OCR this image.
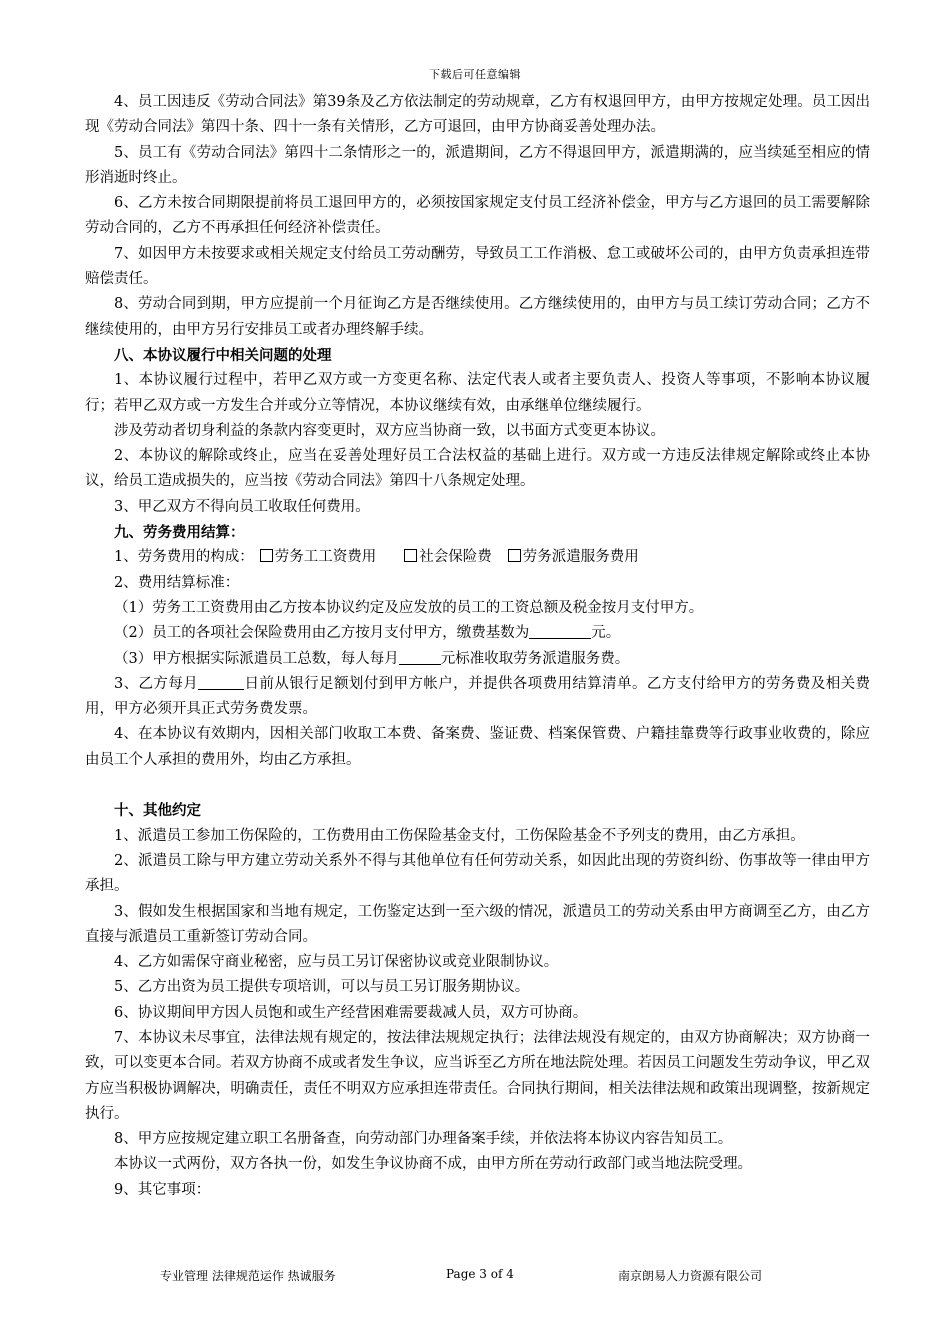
下载后可任意编辑

4、员工因违反《劳动合同法》第39条及乙方依法制定的劳动规章，乙方有权退回甲方，由甲方按规定处理。员工因出现《劳动合同法》第四十条、四十一条有关情形，乙方可退回，由甲方协商妥善处理办法。

5、员工有《劳动合同法》第四十二条情形之一的，派遣期间，乙方不得退回甲方，派遣期满的，应当续延至相应的情形消逝时终止。

6、乙方未按合同期限提前将员工退回甲方的，必须按国家规定支付员工经济补偿金，甲方与乙方退回的员工需要解除劳动合同的，乙方不再承担任何经济补偿责任。

7、如因甲方未按要求或相关规定支付给员工劳动酬劳，导致员工工作消极、怠工或破坏公司的，由甲方负责承担连带赔偿责任。

8、劳动合同到期，甲方应提前一个月征询乙方是否继续使用。乙方继续使用的，由甲方与员工续订劳动合同；乙方不继续使用的，由甲方另行安排员工或者办理终解手续。

八、本协议履行中相关问题的处理

1、本协议履行过程中，若甲乙双方或一方变更名称、法定代表人或者主要负责人、投资人等事项，不影响本协议履行；若甲乙双方或一方发生合并或分立等情况，本协议继续有效，由承继单位继续履行。

涉及劳动者切身利益的条款内容变更时，双方应当协商一致，以书面方式变更本协议。

2、本协议的解除或终止，应当在妥善处理好员工合法权益的基础上进行。双方或一方违反法律规定解除或终止本协议，给员工造成损失的，应当按《劳动合同法》第四十八条规定处理。

3、甲乙双方不得向员工收取任何费用。

九、劳务费用结算：

1、劳务费用的构成： 劳务工工资费用	社会保险费 劳务派遣服务费用

2、费用结算标准：

（1）劳务工工资费用由乙方按本协议约定及应发放的员工的工资总额及税金按月支付甲方。

（2）员工的各项社会保险费用由乙方按月支付甲方，缴费基数为	元。

（3）甲方根据实际派遣员工总数，每人每月	元标准收取劳务派遣服务费。

3、乙方每月	日前从银行足额划付到甲方帐户，并提供各项费用结算清单。乙方支付给甲方的劳务费及相关费用，甲方必须开具正式劳务费发票。

4、在本协议有效期内，因相关部门收取工本费、备案费、鉴证费、档案保管费、户籍挂靠费等行政事业收费的，除应由员工个人承担的费用外，均由乙方承担。

十、其他约定

1、派遣员工参加工伤保险的，工伤费用由工伤保险基金支付，工伤保险基金不予列支的费用，由乙方承担。

2、派遣员工除与甲方建立劳动关系外不得与其他单位有任何劳动关系，如因此出现的劳资纠纷、伤事故等一律由甲方承担。

3、假如发生根据国家和当地有规定，工伤鉴定达到一至六级的情况，派遣员工的劳动关系由甲方商调至乙方，由乙方直接与派遣员工重新签订劳动合同。

4、乙方如需保守商业秘密，应与员工另订保密协议或竞业限制协议。

5、乙方出资为员工提供专项培训，可以与员工另订服务期协议。

6、协议期间甲方因人员饱和或生产经营困难需要裁减人员，双方可协商。

7、本协议未尽事宜，法律法规有规定的，按法律法规规定执行；法律法规没有规定的，由双方协商解决；双方协商一致，可以变更本合同。若双方协商不成或者发生争议，应当诉至乙方所在地法院处理。若因员工问题发生劳动争议，甲乙双方应当积极协调解决，明确责任，责任不明双方应承担连带责任。合同执行期间，相关法律法规和政策出现调整，按新规定执行。

8、甲方应按规定建立职工名册备查，向劳动部门办理备案手续，并依法将本协议内容告知员工。

本协议一式两份，双方各执一份，如发生争议协商不成，由甲方所在劳动行政部门或当地法院受理。

9、其它事项：

专业管理 法律规范运作 热诚服务	Page 3 of 4	南京朗易人力资源有限公司
